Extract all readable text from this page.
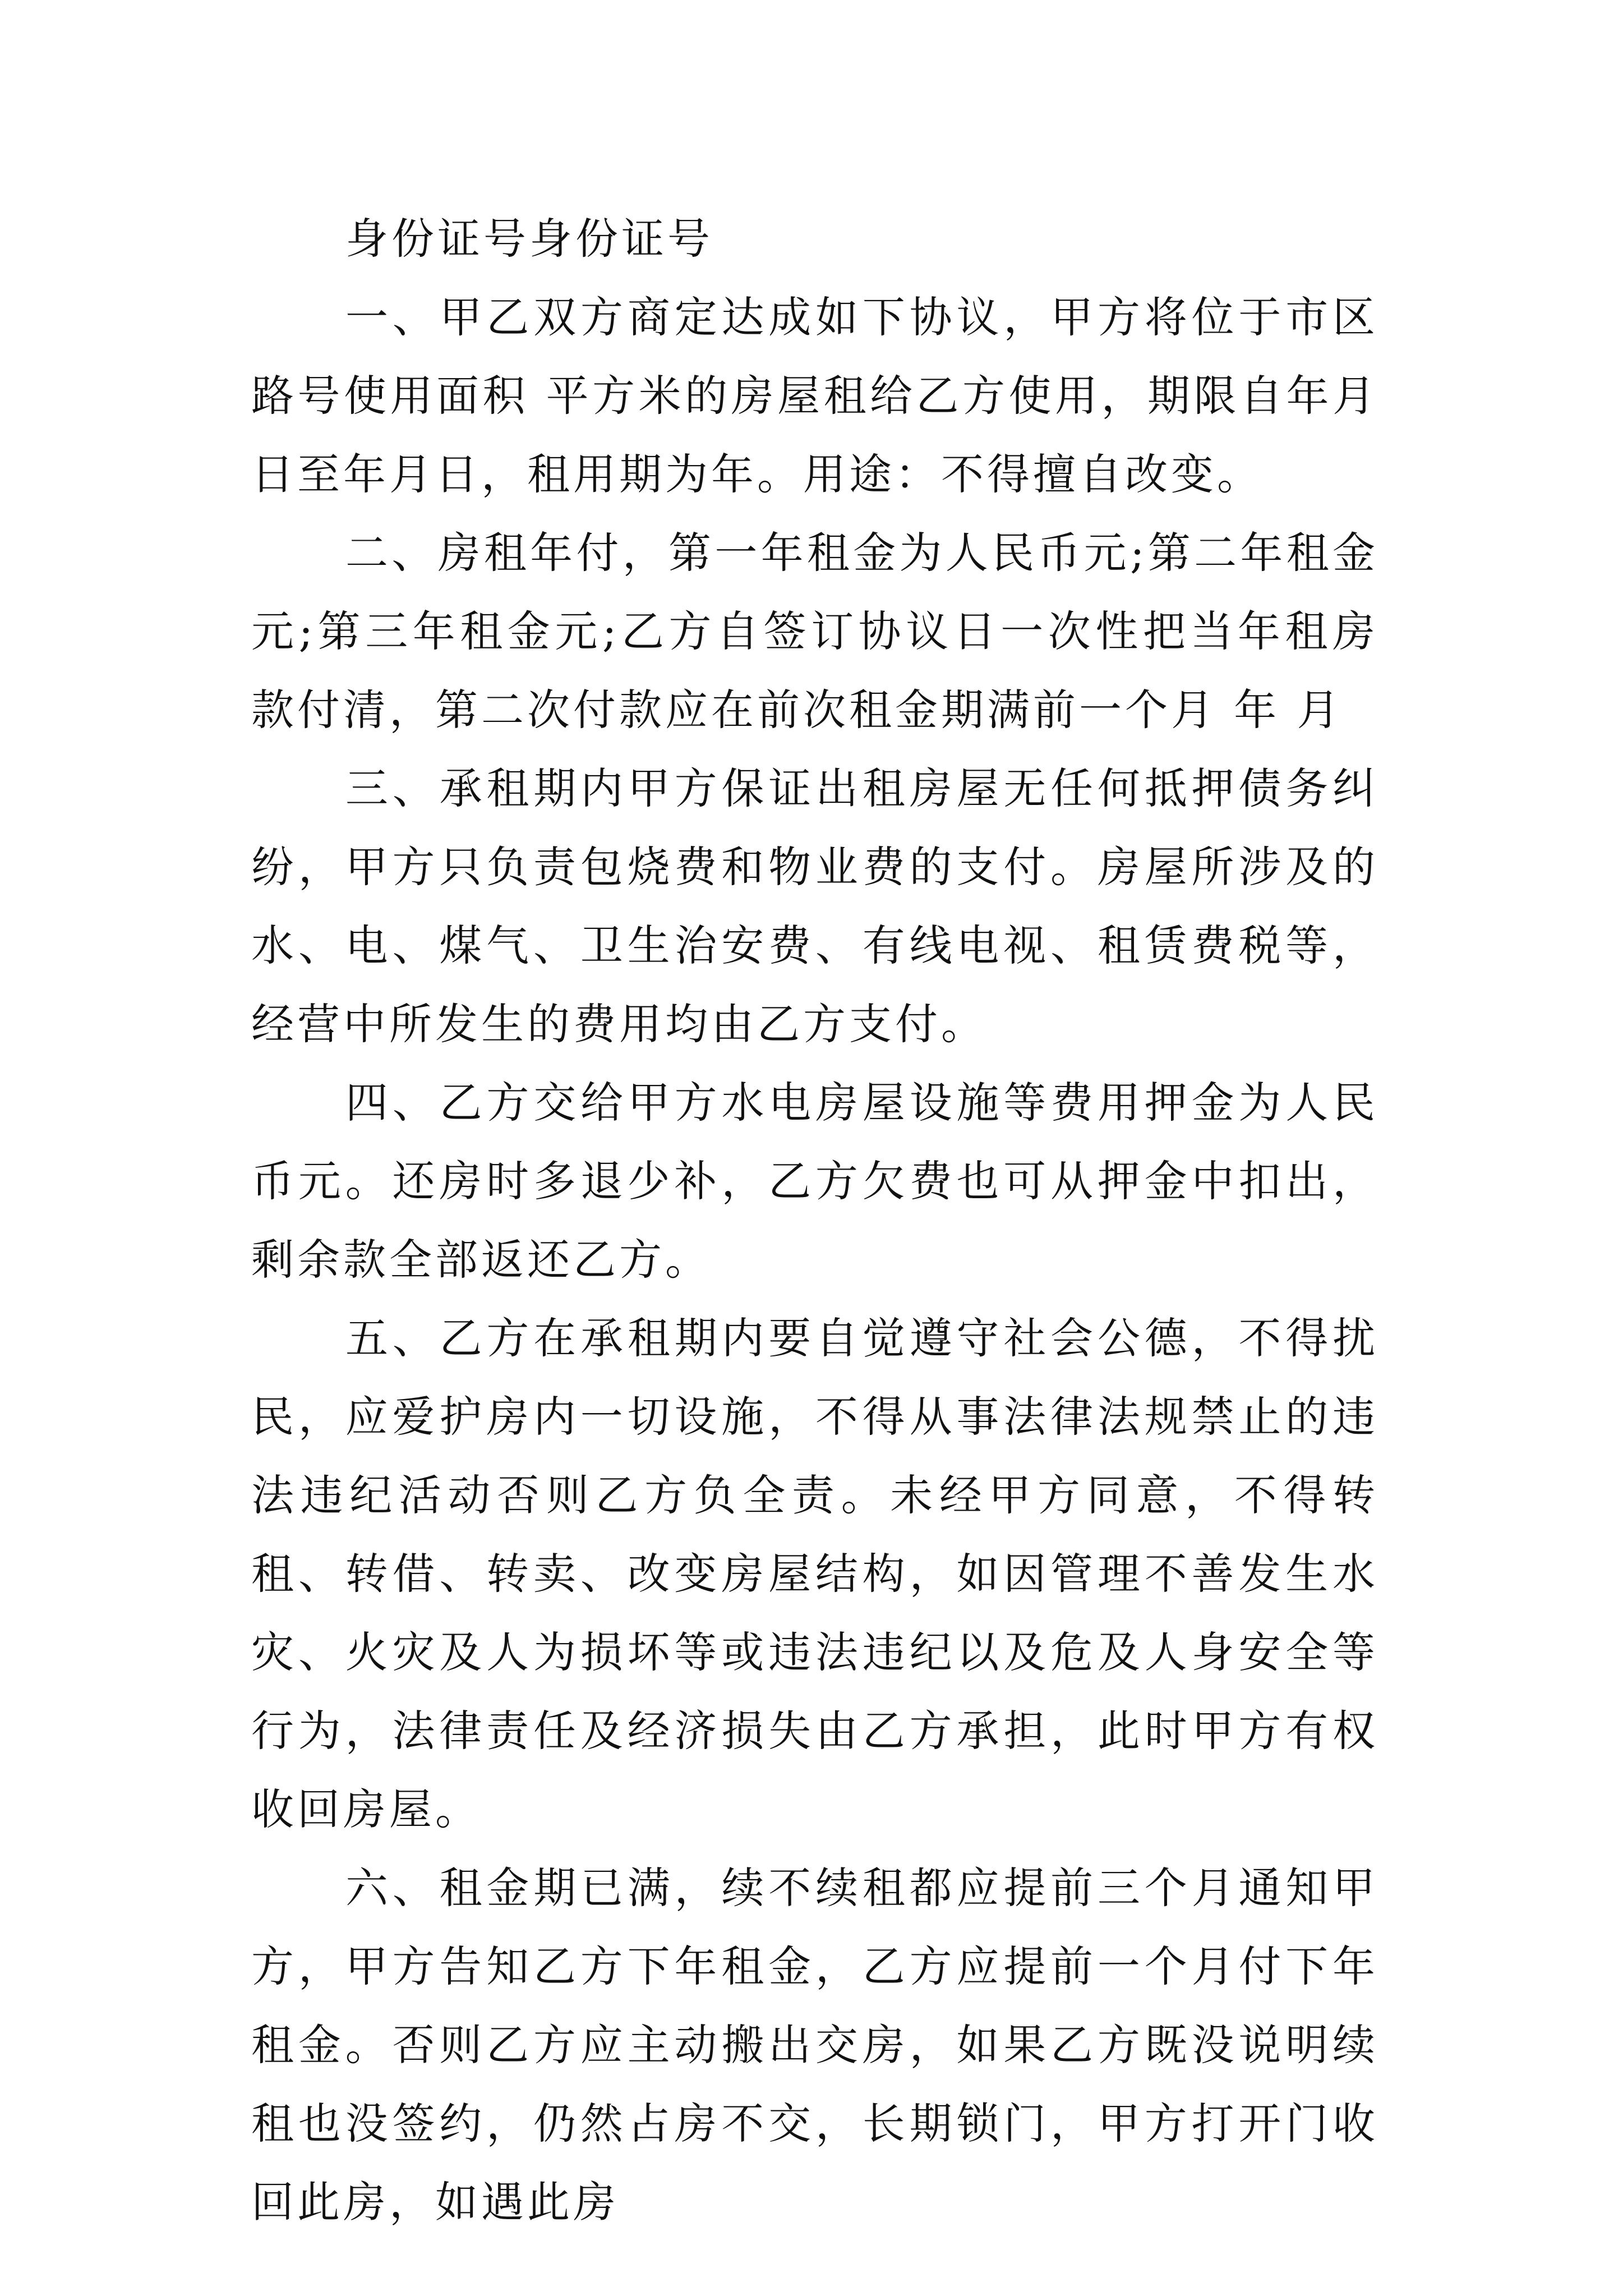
身份证号身份证号

一、甲乙双方商定达成如下协议，甲方将位于市区 路号使用面积 平方米的房屋租给乙方使用，期限自年月日至年月日，租用期为年。用途：不得擅自改变。

二、房租年付，第一年租金为人民币元;第二年租金元;第三年租金元;乙方自签订协议日一次性把当年租房款付清，第二次付款应在前次租金期满前一个月 年 月

三、承租期内甲方保证出租房屋无任何抵押债务纠纷，甲方只负责包烧费和物业费的支付。房屋所涉及的水、电、煤气、卫生治安费、有线电视、租赁费税等，经营中所发生的费用均由乙方支付。

四、乙方交给甲方水电房屋设施等费用押金为人民币元。还房时多退少补，乙方欠费也可从押金中扣出，剩余款全部返还乙方。

五、乙方在承租期内要自觉遵守社会公德，不得扰民，应爱护房内一切设施，不得从事法律法规禁止的违法违纪活动否则乙方负全责。未经甲方同意，不得转租、转借、转卖、改变房屋结构，如因管理不善发生水灾、火灾及人为损坏等或违法违纪以及危及人身安全等行为，法律责任及经济损失由乙方承担，此时甲方有权收回房屋。

六、租金期已满，续不续租都应提前三个月通知甲方，甲方告知乙方下年租金，乙方应提前一个月付下年租金。否则乙方应主动搬出交房，如果乙方既没说明续租也没签约，仍然占房不交，长期锁门，甲方打开门收回此房，如遇此房
